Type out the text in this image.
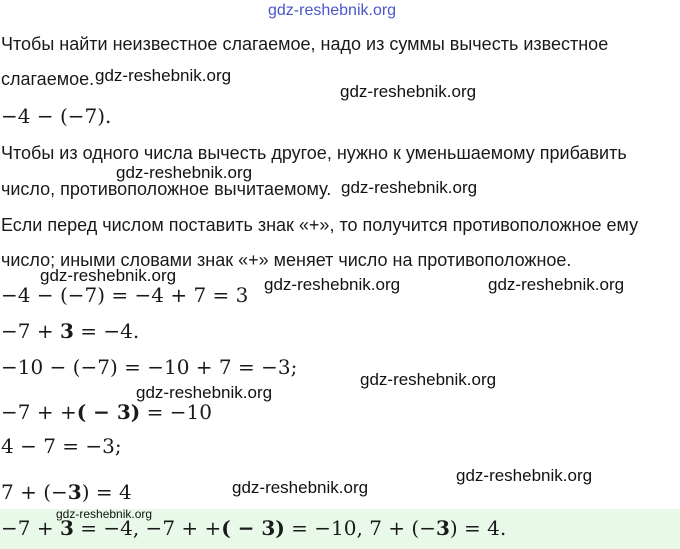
gdz-reshebnik.org
Чтобы найти неизвестное слагаемое, надо из суммы вычесть известное
слагаемое. gdz-reshebnik.org
gdz-reshebnik.org
−4 − (−7).
Чтобы из одного числа вычесть другое, нужно к уменьшаемому прибавить
gdz-reshebnik.org
число, противоположное вычитаемому. gdz-reshebnik.org
Если перед числом поставить знак «+», то получится противоположное ему
число; иными словами знак «+» меняет число на противоположное.
gdz-reshebnik.org	gdz-reshebnik.org	gdz-reshebnik.org
−4 − (−7) = −4 + 7 = 3
−7 + 3 = −4.
−10 − (−7) = −10 + 7 = −3;
gdz-reshebnik.org
gdz-reshebnik.org
−7 + +( − 3) = −10
4 − 7 = −3;
gdz-reshebnik.org
7 + (−3) = 4	gdz-reshebnik.org
−7 + 3 = −4, −7 + +( − 3) = −10, 7 + (−3) = 4.
gdz-reshebnik.org
